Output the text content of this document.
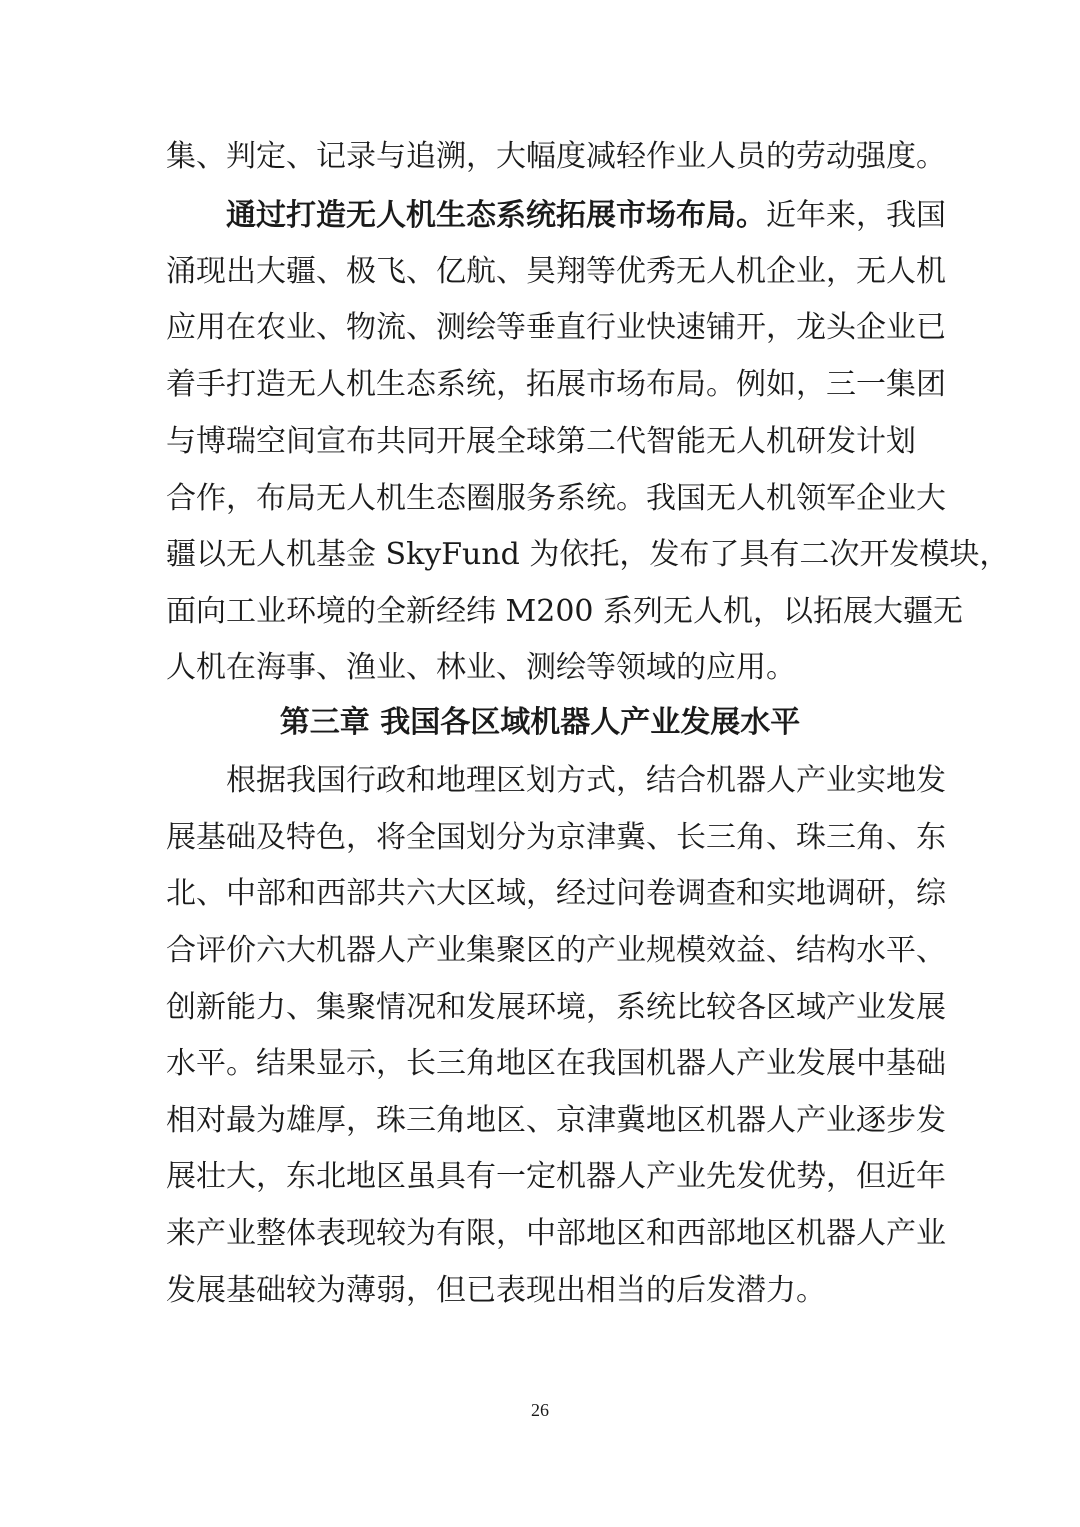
集、判定、记录与追溯，大幅度减轻作业人员的劳动强度。
通过打造无人机生态系统拓展市场布局。近年来，我国
涌现出大疆、极飞、亿航、昊翔等优秀无人机企业，无人机
应用在农业、物流、测绘等垂直行业快速铺开，龙头企业已
着手打造无人机生态系统，拓展市场布局。例如，三一集团
与博瑞空间宣布共同开展全球第二代智能无人机研发计划
合作，布局无人机生态圈服务系统。我国无人机领军企业大
疆以无人机基金 SkyFund 为依托，发布了具有二次开发模块，
面向工业环境的全新经纬 M200 系列无人机，以拓展大疆无
人机在海事、渔业、林业、测绘等领域的应用。
第三章 我国各区域机器人产业发展水平
根据我国行政和地理区划方式，结合机器人产业实地发
展基础及特色，将全国划分为京津冀、长三角、珠三角、东
北、中部和西部共六大区域，经过问卷调查和实地调研，综
合评价六大机器人产业集聚区的产业规模效益、结构水平、
创新能力、集聚情况和发展环境，系统比较各区域产业发展
水平。结果显示，长三角地区在我国机器人产业发展中基础
相对最为雄厚，珠三角地区、京津冀地区机器人产业逐步发
展壮大，东北地区虽具有一定机器人产业先发优势，但近年
来产业整体表现较为有限，中部地区和西部地区机器人产业
发展基础较为薄弱，但已表现出相当的后发潜力。
26
